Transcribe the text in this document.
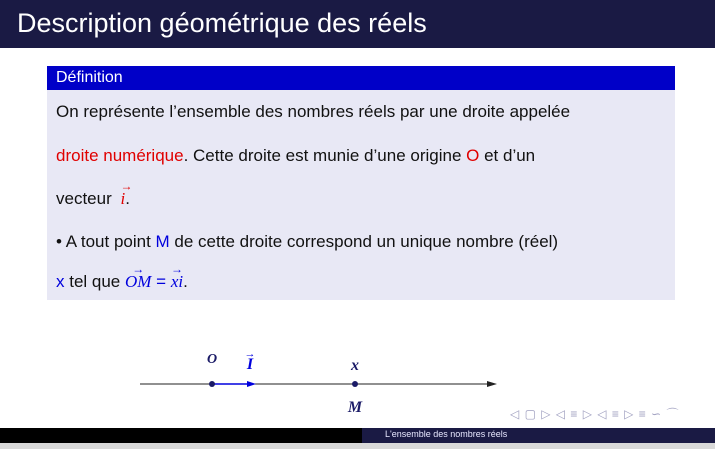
Description géométrique des réels
Définition
On représente l’ensemble des nombres réels par une droite appelée
droite numérique. Cette droite est munie d’une origine O et d’un
vecteur
→
i.
• A tout point M de cette droite correspond un unique nombre (réel)
x tel que
→
OM =
→
xi.
O I
→
x
M	◁ ▢ ▷ ◁ ≡ ▷ ◁ ≡ ▷ ≡ ∽ ⌒
L'ensemble des nombres réels
